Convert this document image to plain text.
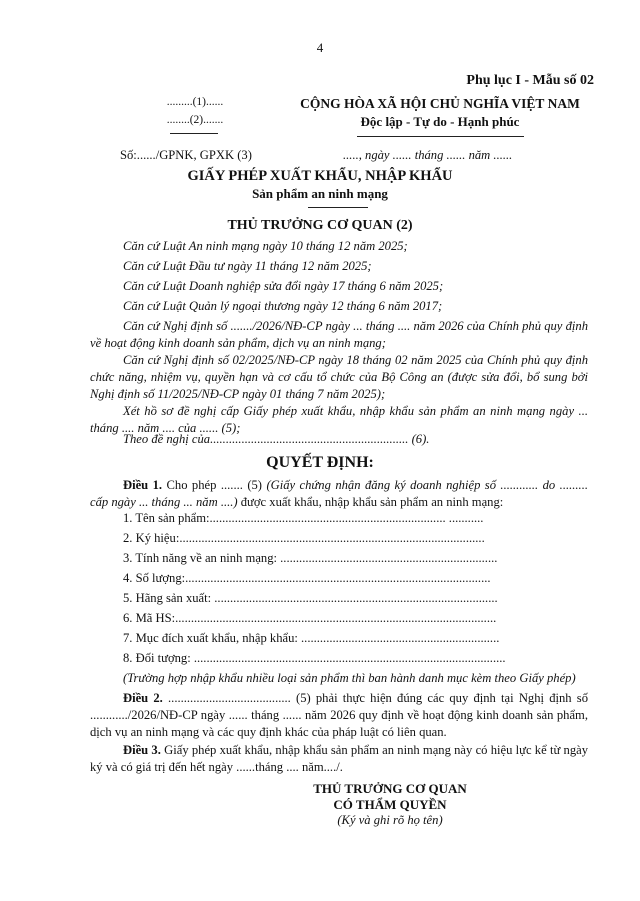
4
Phụ lục I - Mẫu số 02
.........(1)......
........(2).......
CỘNG HÒA XÃ HỘI CHỦ NGHĨA VIỆT NAM
Độc lập - Tự do - Hạnh phúc
Số:....../GPNK, GPXK (3)	....., ngày ...... tháng ...... năm ......
GIẤY PHÉP XUẤT KHẨU, NHẬP KHẨU
Sản phẩm an ninh mạng
THỦ TRƯỞNG CƠ QUAN (2)
Căn cứ Luật An ninh mạng ngày 10 tháng 12 năm 2025;
Căn cứ Luật Đầu tư ngày 11 tháng 12 năm 2025;
Căn cứ Luật Doanh nghiệp sửa đổi ngày 17 tháng 6 năm 2025;
Căn cứ Luật Quản lý ngoại thương ngày 12 tháng 6 năm 2017;
Căn cứ Nghị định số ......./2026/NĐ-CP ngày ... tháng .... năm 2026 của Chính phủ quy định về hoạt động kinh doanh sản phẩm, dịch vụ an ninh mạng;
Căn cứ Nghị định số 02/2025/NĐ-CP ngày 18 tháng 02 năm 2025 của Chính phủ quy định chức năng, nhiệm vụ, quyền hạn và cơ cấu tổ chức của Bộ Công an (được sửa đổi, bổ sung bởi Nghị định số 11/2025/NĐ-CP ngày 01 tháng 7 năm 2025);
Xét hồ sơ đề nghị cấp Giấy phép xuất khẩu, nhập khẩu sản phẩm an ninh mạng ngày ... tháng .... năm .... của ...... (5);
Theo đề nghị của............................................................... (6).
QUYẾT ĐỊNH:
Điều 1. Cho phép ....... (5) (Giấy chứng nhận đăng ký doanh nghiệp số ............ do ......... cấp ngày ... tháng ... năm ....) được xuất khẩu, nhập khẩu sản phẩm an ninh mạng:
1. Tên sản phẩm:........................................................................... ...........
2. Ký hiệu:.................................................................................................
3. Tính năng về an ninh mạng: .....................................................................
4. Số lượng:.................................................................................................
5. Hãng sản xuất: ..........................................................................................
6. Mã HS:......................................................................................................
7. Mục đích xuất khẩu, nhập khẩu: ...............................................................
8. Đối tượng: ...................................................................................................
(Trường hợp nhập khẩu nhiều loại sản phẩm thì ban hành danh mục kèm theo Giấy phép)
Điều 2. ....................................... (5) phải thực hiện đúng các quy định tại Nghị định số ............/2026/NĐ-CP ngày ...... tháng ...... năm 2026 quy định về hoạt động kinh doanh sản phẩm, dịch vụ an ninh mạng và các quy định khác của pháp luật có liên quan.
Điều 3. Giấy phép xuất khẩu, nhập khẩu sản phẩm an ninh mạng này có hiệu lực kể từ ngày ký và có giá trị đến hết ngày ......tháng .... năm..../.
THỦ TRƯỞNG CƠ QUAN
CÓ THẨM QUYỀN
(Ký và ghi rõ họ tên)
